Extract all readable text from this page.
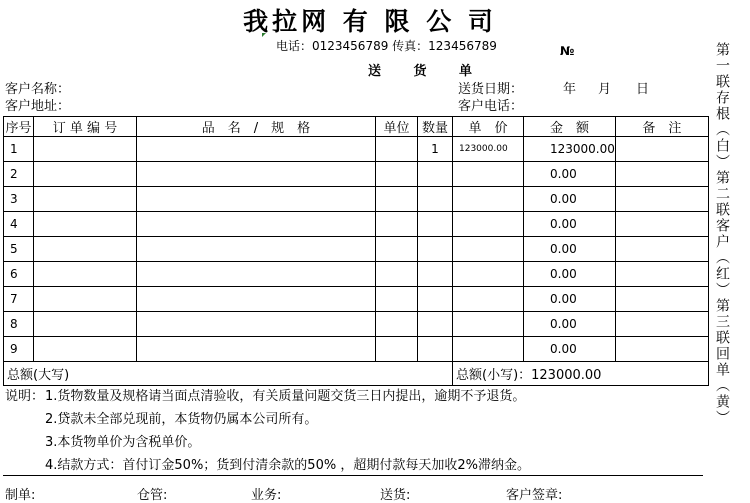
我拉网 有 限 公 司
电话：0123456789 传真：123456789	№
送 货 单
客户名称：
客户地址：
送货日期：	年 月 日
客户电话：	第一联存根（白）第二联客户（红）第三联回单（黄）
序号	订 单 编 号	品　名　/　规　格	单位	数量	单　价	金　额	备　注
1				1	123000.00	123000.00	
2						0.00	
3						0.00	
4						0.00	
5						0.00	
6						0.00	
7						0.00	
8						0.00	
9						0.00	
总额(大写)					总额(小写)：123000.00		
说明： 1.货物数量及规格请当面点清验收，有关质量问题交货三日内提出，逾期不予退货。
2.贷款未全部兑现前，本货物仍属本公司所有。
3.本货物单价为含税单价。
4.结款方式：首付订金50%；货到付清余款的50% ，超期付款每天加收2%滞纳金。
制单:	仓管:	业务:	送货:	客户签章:
